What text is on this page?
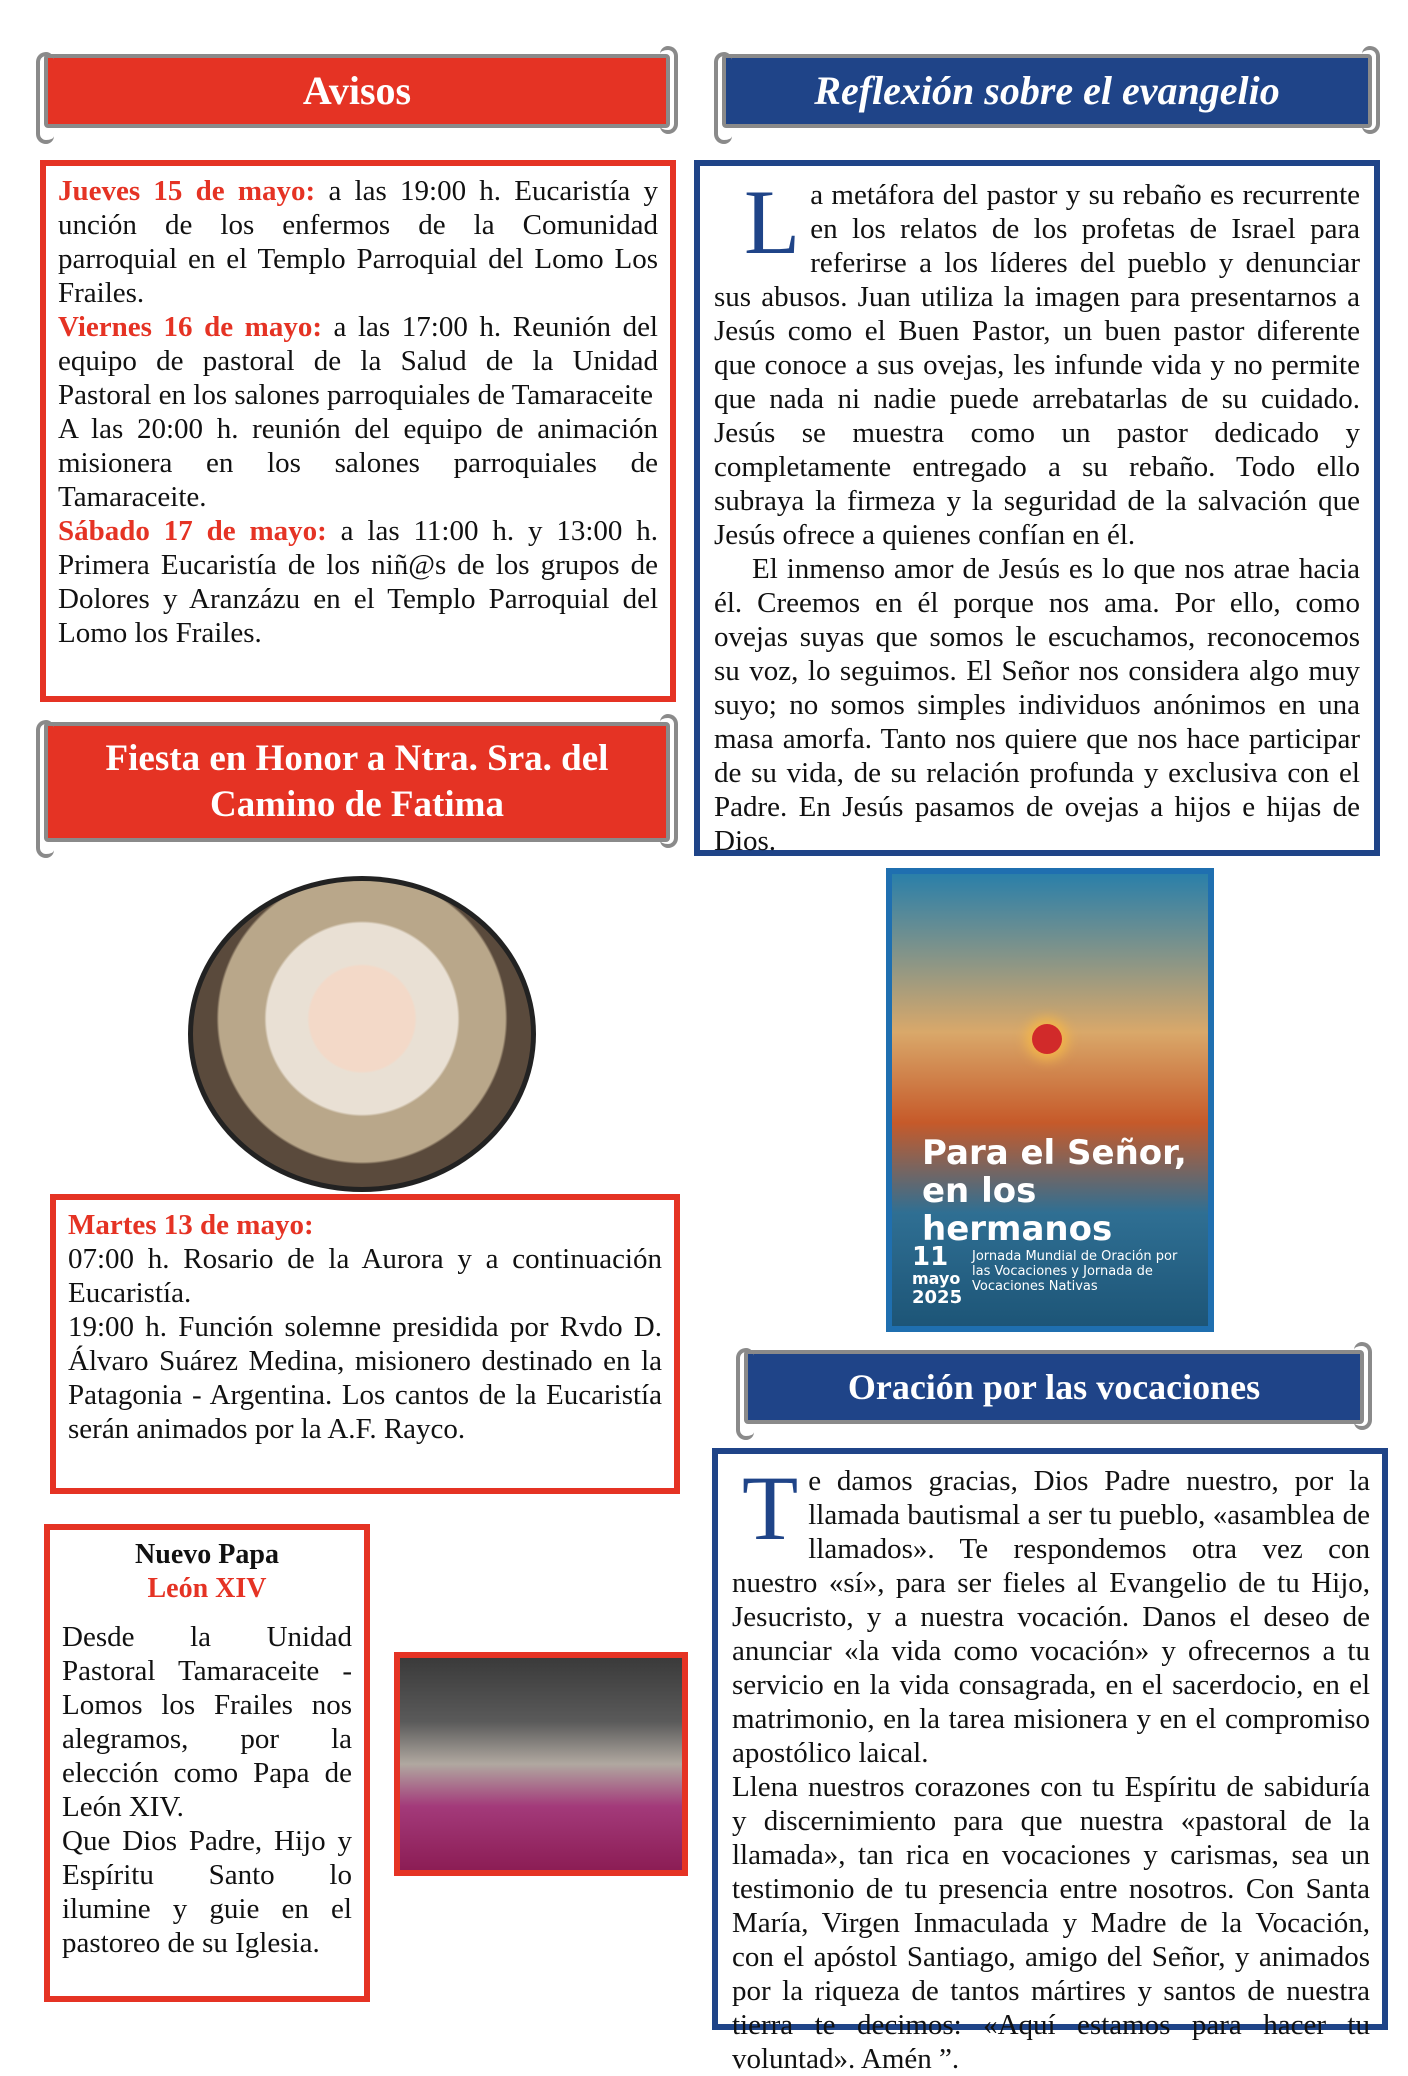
Avisos

Jueves 15 de mayo: a las 19:00 h. Eucaristía y unción de los enfermos de la Comunidad parroquial en el Templo Parroquial del Lomo Los Frailes.

Viernes 16 de mayo: a las 17:00 h. Reunión del equipo de pastoral de la Salud de la Unidad Pastoral en los salones parroquiales de Tamaraceite

A las 20:00 h. reunión del equipo de animación misionera en los salones parroquiales de Tamaraceite.

Sábado 17 de mayo: a las 11:00 h. y 13:00 h. Primera Eucaristía de los niñ@s de los grupos de Dolores y Aranzázu en el Templo Parroquial del Lomo los Frailes.

Fiesta en Honor a Ntra. Sra. del
Camino de Fatima
Martes 13 de mayo:

07:00 h. Rosario de la Aurora y a continuación Eucaristía.

19:00 h. Función solemne presidida por Rvdo D. Álvaro Suárez Medina, misionero destinado en la Patagonia - Argentina. Los cantos de la Eucaristía serán animados por la A.F. Rayco.

Nuevo Papa
León XIV

Desde la Unidad Pastoral Tamaraceite - Lomos los Frailes nos alegramos, por la elección como Papa de León XIV.

Que Dios Padre, Hijo y Espíritu Santo lo ilumine y guie en el pastoreo de su Iglesia.

Reflexión sobre el evangelio
L a metáfora del pastor y su rebaño es recurrente en los relatos de los profetas de Israel para referirse a los líderes del pueblo y denunciar sus abusos. Juan utiliza la imagen para presentarnos a Jesús como el Buen Pastor, un buen pastor diferente que conoce a sus ovejas, les infunde vida y no permite que nada ni nadie puede arrebatarlas de su cuidado. Jesús se muestra como un pastor dedicado y completamente entregado a su rebaño. Todo ello subraya la firmeza y la seguridad de la salvación que Jesús ofrece a quienes confían en él.

El inmenso amor de Jesús es lo que nos atrae hacia él. Creemos en él porque nos ama. Por ello, como ovejas suyas que somos le escuchamos, reconocemos su voz, lo seguimos. El Señor nos considera algo muy suyo; no somos simples individuos anónimos en una masa amorfa. Tanto nos quiere que nos hace participar de su vida, de su relación profunda y exclusiva con el Padre. En Jesús pasamos de ovejas a hijos e hijas de Dios.

Para el Señor,
en los hermanos
11
mayo
2025
Jornada Mundial de Oración por las Vocaciones y Jornada de Vocaciones Nativas
Oración por las vocaciones
T e damos gracias, Dios Padre nuestro, por la llamada bautismal a ser tu pueblo, «asamblea de llamados». Te respondemos otra vez con nuestro «sí», para ser fieles al Evangelio de tu Hijo, Jesucristo, y a nuestra vocación. Danos el deseo de anunciar «la vida como vocación» y ofrecernos a tu servicio en la vida consagrada, en el sacerdocio, en el matrimonio, en la tarea misionera y en el compromiso apostólico laical.

Llena nuestros corazones con tu Espíritu de sabiduría y discernimiento para que nuestra «pastoral de la llamada», tan rica en vocaciones y carismas, sea un testimonio de tu presencia entre nosotros. Con Santa María, Virgen Inmaculada y Madre de la Vocación, con el apóstol Santiago, amigo del Señor, y animados por la riqueza de tantos mártires y santos de nuestra tierra te decimos: «Aquí estamos para hacer tu voluntad». Amén ”.
